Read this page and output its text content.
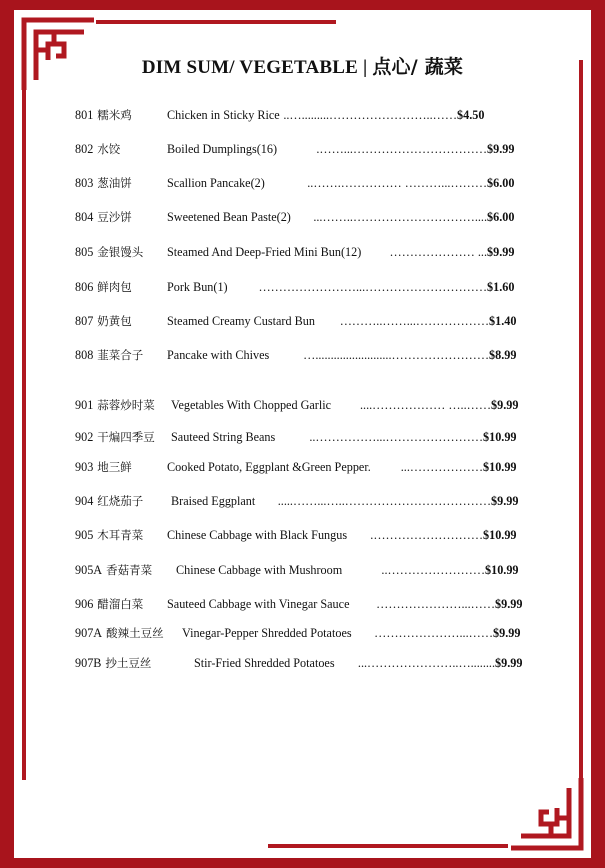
DIM SUM/ VEGETABLE | 点心/ 蔬菜
801 糯米鸡	Chicken in Sticky Rice	$4.50
……..…………………….........…..
802 水饺	Boiled Dumplings(16)	$9.99
……………………………...…….
803 葱油饼	Scallion Pancake(2)	$6.00
………...……… …………….……..
804 豆沙饼	Sweetened Bean Paste(2)	$6.00
....…………………………..……...
805 金银馒头 Steamed And Deep-Fried Mini Bun(12)	$9.99
... …………………
806 鲜肉包	Pork Bun(1)	$1.60
…………………………...……………………
807 奶黄包	Steamed Creamy Custard Bun	$1.40
………………...……..………
808 韮菜合子 Pancake with Chives	$8.99
…………………….........................…
901 蒜蓉炒时菜 Vegetables With Chopped Garlic	$9.99
……..… ………………....
902 干煸四季豆 Sauteed String Beans	$10.99
……………………...……………..
903 地三鲜	Cooked Potato, Eggplant &Green Pepper.	$10.99
………………...
904 红烧茄子 Braised Eggplant	$9.99
………………………………..…...…….....
905 木耳青菜 Chinese Cabbage with Black Fungus	$10.99
……………………….
905A 香菇青菜 Chinese Cabbage with Mushroom	$10.99
……………………..
906 醋溜白菜 Sauteed Cabbage with Vinegar Sauce	$9.99
……...…………………
907A 酸辣土豆丝 Vinegar-Pepper Shredded Potatoes	$9.99
……...…………………
907B 抄土豆丝	Stir-Fried Shredded Potatoes	$9.99
........…..…………………...
